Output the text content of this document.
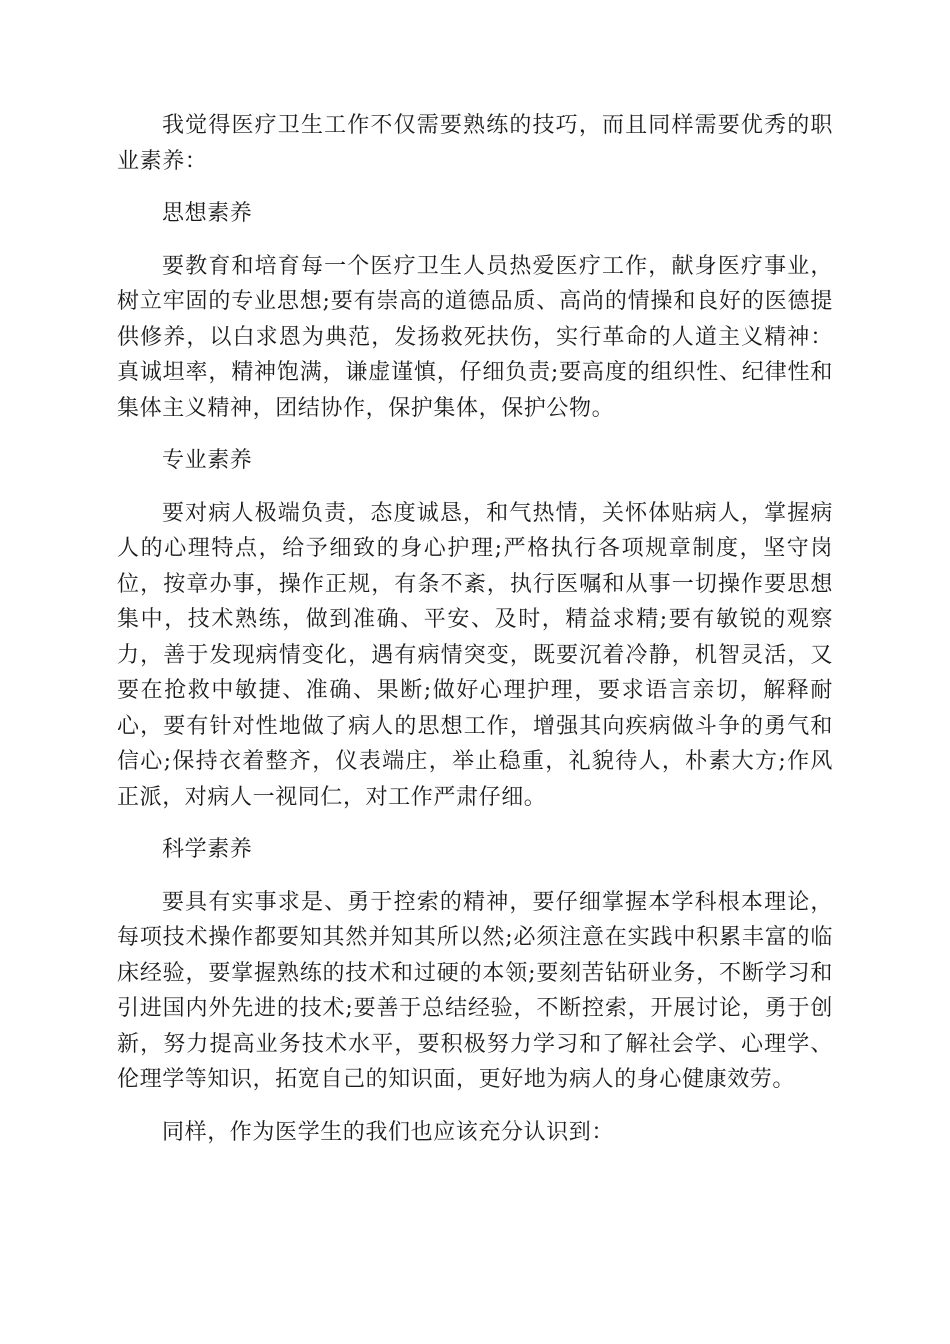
我觉得医疗卫生工作不仅需要熟练的技巧，而且同样需要优秀的职业素养：

思想素养

要教育和培育每一个医疗卫生人员热爱医疗工作，献身医疗事业，树立牢固的专业思想;要有崇高的道德品质、高尚的情操和良好的医德提供修养，以白求恩为典范，发扬救死扶伤，实行革命的人道主义精神：真诚坦率，精神饱满，谦虚谨慎，仔细负责;要高度的组织性、纪律性和集体主义精神，团结协作，保护集体，保护公物。

专业素养

要对病人极端负责，态度诚恳，和气热情，关怀体贴病人，掌握病人的心理特点，给予细致的身心护理;严格执行各项规章制度，坚守岗位，按章办事，操作正规，有条不紊，执行医嘱和从事一切操作要思想集中，技术熟练，做到准确、平安、及时，精益求精;要有敏锐的观察力，善于发现病情变化，遇有病情突变，既要沉着冷静，机智灵活，又要在抢救中敏捷、准确、果断;做好心理护理，要求语言亲切，解释耐心，要有针对性地做了病人的思想工作，增强其向疾病做斗争的勇气和信心;保持衣着整齐，仪表端庄，举止稳重，礼貌待人，朴素大方;作风正派，对病人一视同仁，对工作严肃仔细。

科学素养

要具有实事求是、勇于控索的精神，要仔细掌握本学科根本理论，每项技术操作都要知其然并知其所以然;必须注意在实践中积累丰富的临床经验，要掌握熟练的技术和过硬的本领;要刻苦钻研业务，不断学习和引进国内外先进的技术;要善于总结经验，不断控索，开展讨论，勇于创新，努力提高业务技术水平，要积极努力学习和了解社会学、心理学、伦理学等知识，拓宽自己的知识面，更好地为病人的身心健康效劳。

同样，作为医学生的我们也应该充分认识到：
